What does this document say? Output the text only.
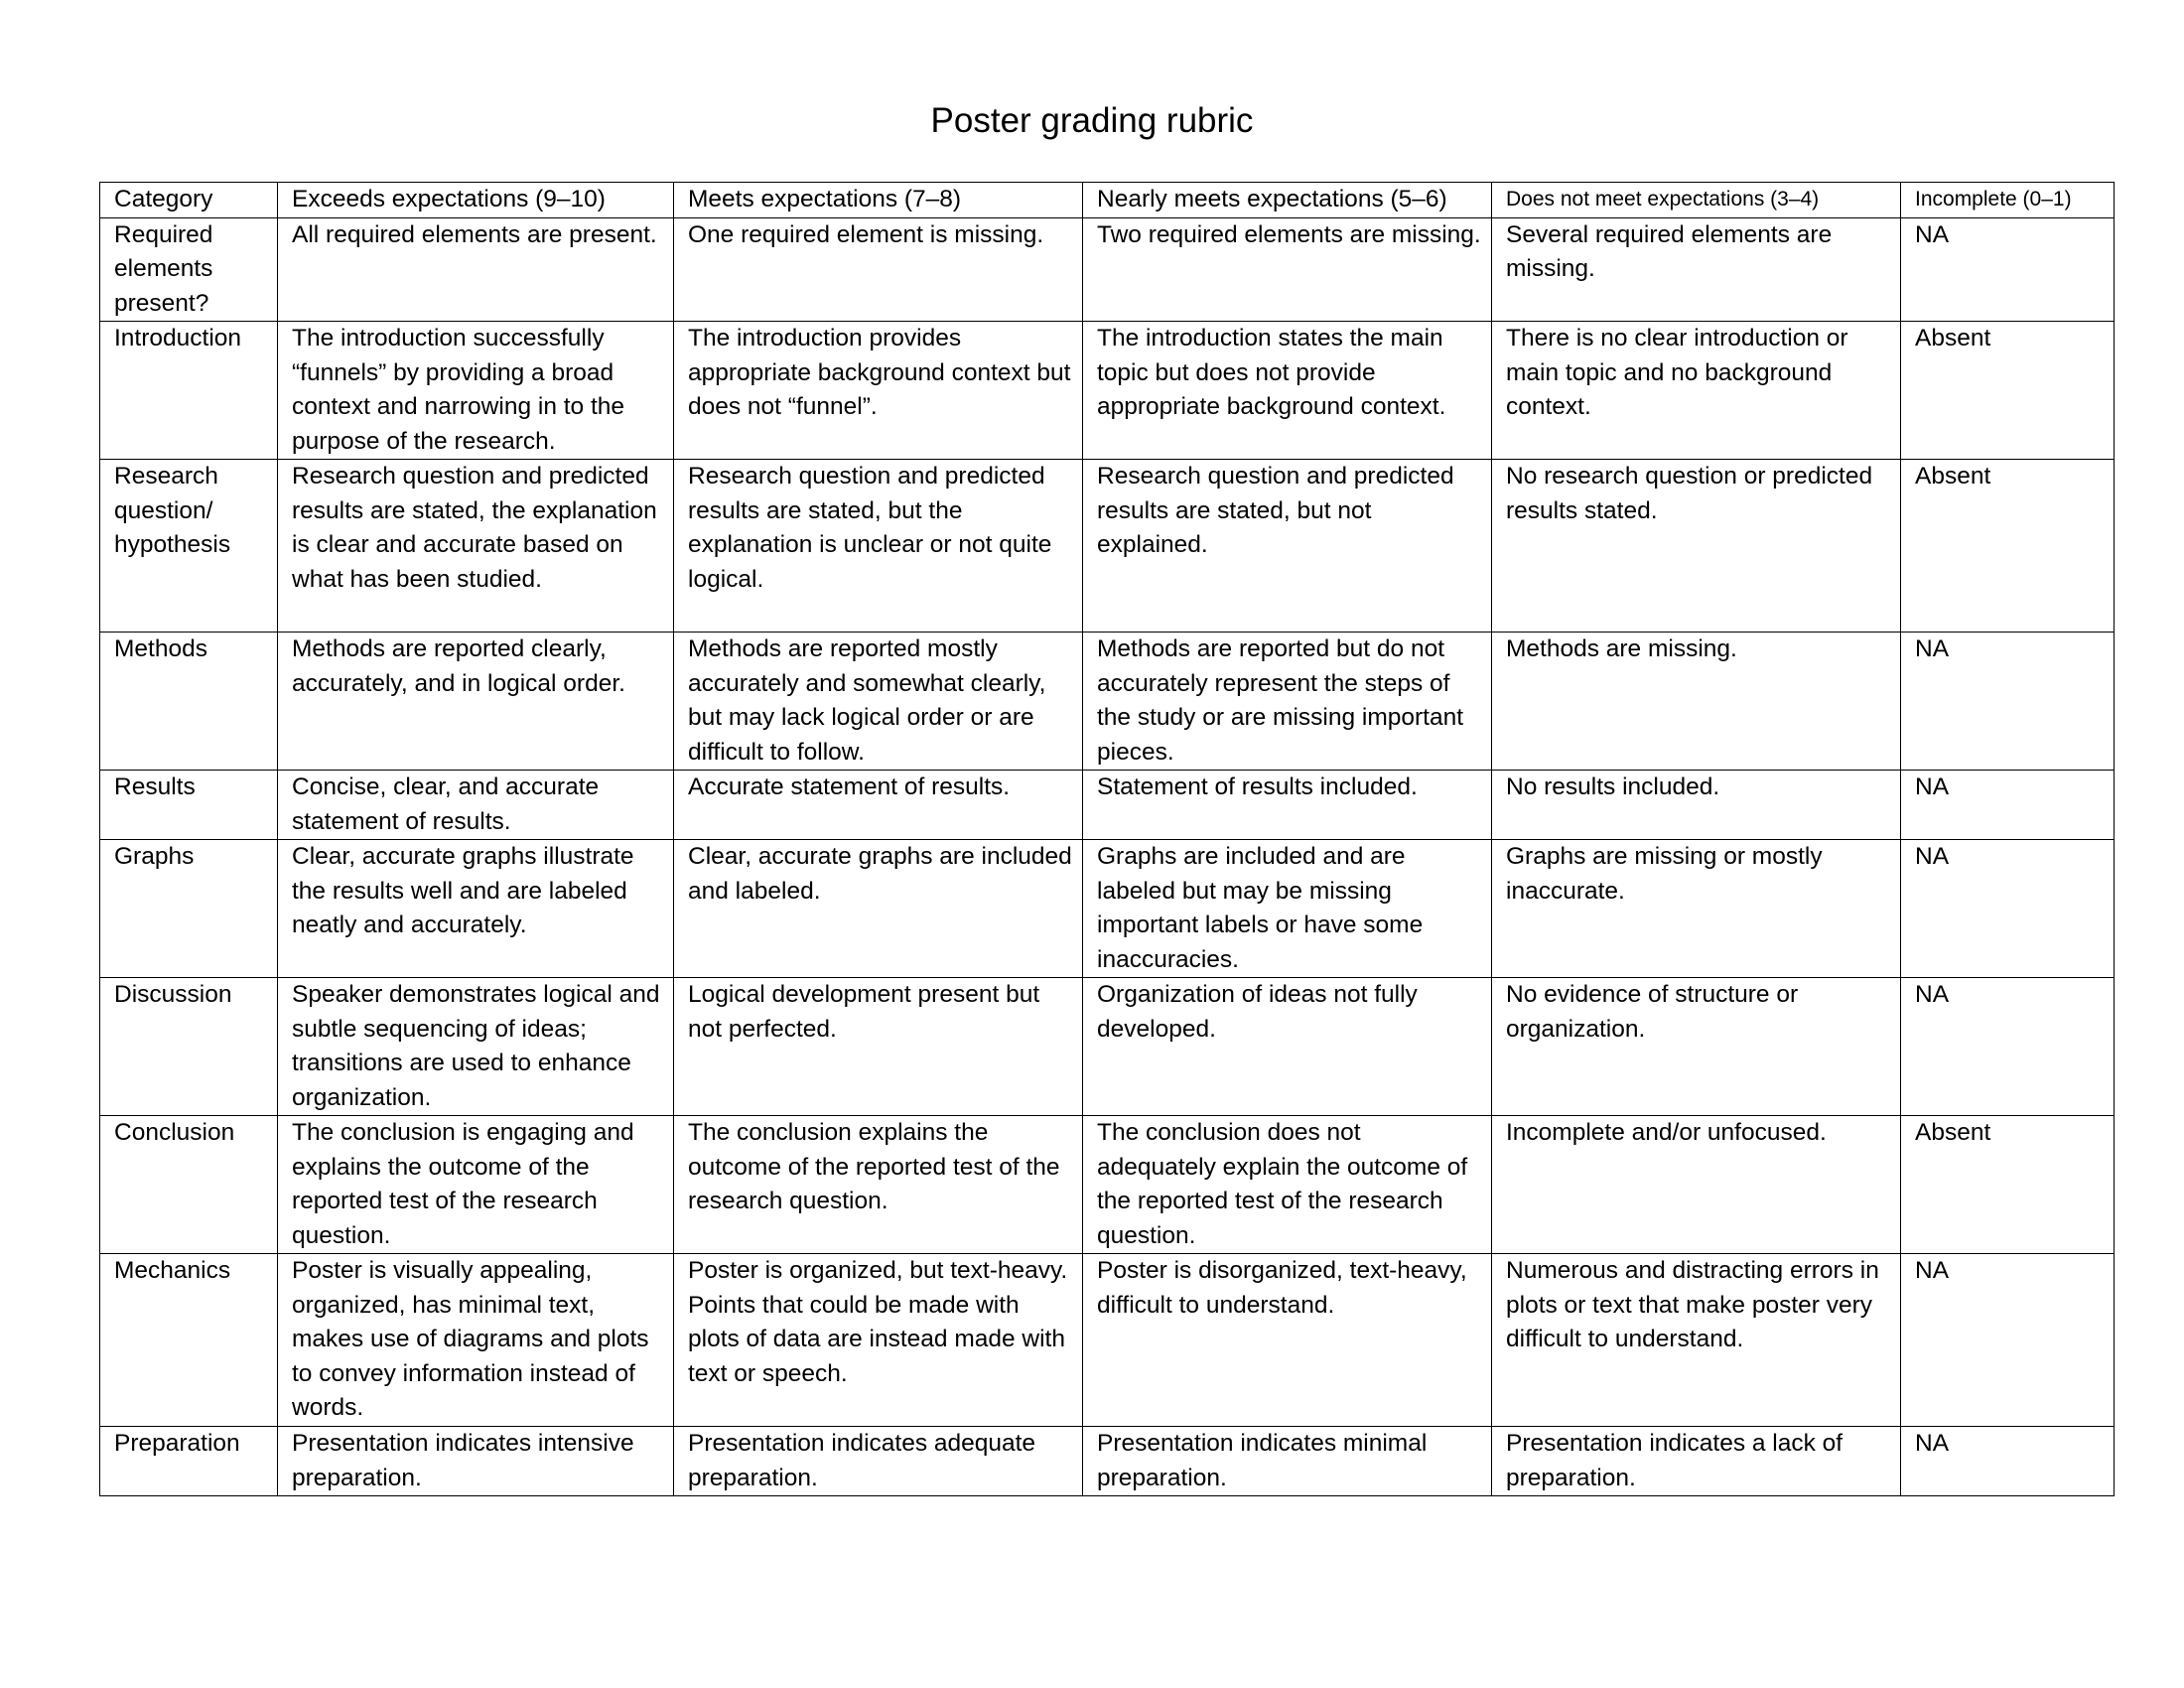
Poster grading rubric
Category	Exceeds expectations (9–10)	Meets expectations (7–8)	Nearly meets expectations (5–6)	Does not meet expectations (3–4)	Incomplete (0–1)
Required elements present?	All required elements are present.	One required element is missing.	Two required elements are missing.	Several required elements are missing.	NA
Introduction	The introduction successfully “funnels” by providing a broad context and narrowing in to the purpose of the research.	The introduction provides appropriate background context but does not “funnel”.	The introduction states the main topic but does not provide appropriate background context.	There is no clear introduction or main topic and no background context.	Absent
Research question/ hypothesis	Research question and predicted results are stated, the explanation is clear and accurate based on what has been studied.	Research question and predicted results are stated, but the explanation is unclear or not quite logical.	Research question and predicted results are stated, but not explained.	No research question or predicted results stated.	Absent
Methods	Methods are reported clearly, accurately, and in logical order.	Methods are reported mostly accurately and somewhat clearly, but may lack logical order or are difficult to follow.	Methods are reported but do not accurately represent the steps of the study or are missing important pieces.	Methods are missing.	NA
Results	Concise, clear, and accurate statement of results.	Accurate statement of results.	Statement of results included.	No results included.	NA
Graphs	Clear, accurate graphs illustrate the results well and are labeled neatly and accurately.	Clear, accurate graphs are included and labeled.	Graphs are included and are labeled but may be missing important labels or have some inaccuracies.	Graphs are missing or mostly inaccurate.	NA
Discussion	Speaker demonstrates logical and subtle sequencing of ideas; transitions are used to enhance organization.	Logical development present but not perfected.	Organization of ideas not fully developed.	No evidence of structure or organization.	NA
Conclusion	The conclusion is engaging and explains the outcome of the reported test of the research question.	The conclusion explains the outcome of the reported test of the research question.	The conclusion does not adequately explain the outcome of the reported test of the research question.	Incomplete and/or unfocused.	Absent
Mechanics	Poster is visually appealing, organized, has minimal text, makes use of diagrams and plots to convey information instead of words.	Poster is organized, but text-heavy. Points that could be made with plots of data are instead made with text or speech.	Poster is disorganized, text-heavy, difficult to understand.	Numerous and distracting errors in plots or text that make poster very difficult to understand.	NA
Preparation	Presentation indicates intensive preparation.	Presentation indicates adequate preparation.	Presentation indicates minimal preparation.	Presentation indicates a lack of preparation.	NA
